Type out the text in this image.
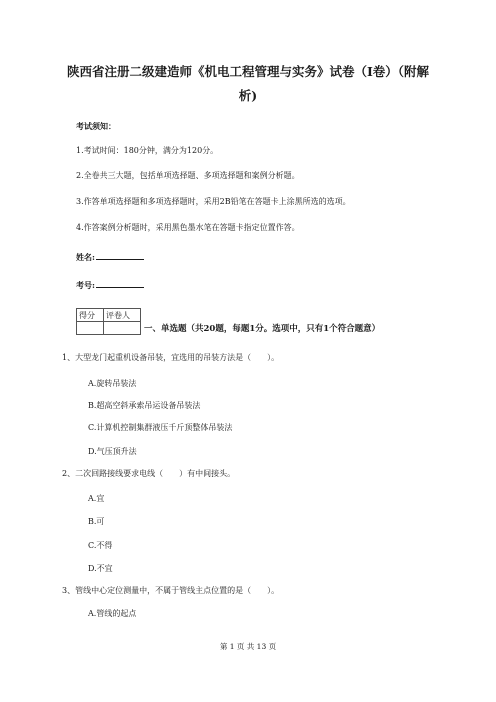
陕西省注册二级建造师《机电工程管理与实务》试卷（I卷）（附解
析)
考试须知：
1.考试时间：180分钟，满分为120分。
2.全卷共三大题，包括单项选择题、多项选择题和案例分析题。
3.作答单项选择题和多项选择题时，采用2B铅笔在答题卡上涂黑所选的选项。
4.作答案例分析题时，采用黑色墨水笔在答题卡指定位置作答。
姓名:
考号:
得分	评卷人

一、单选题（共20题，每题1分。选项中，只有1个符合题意）
1、大型龙门起重机设备吊装，宜选用的吊装方法是（　　）。
A.旋转吊装法
B.超高空斜承索吊运设备吊装法
C.计算机控制集群液压千斤顶整体吊装法
D.气压顶升法
2、二次回路接线要求电线（　　）有中间接头。
A.宜
B.可
C.不得
D.不宜
3、管线中心定位测量中，不属于管线主点位置的是（　　）。
A.管线的起点
第 1 页 共 13 页
